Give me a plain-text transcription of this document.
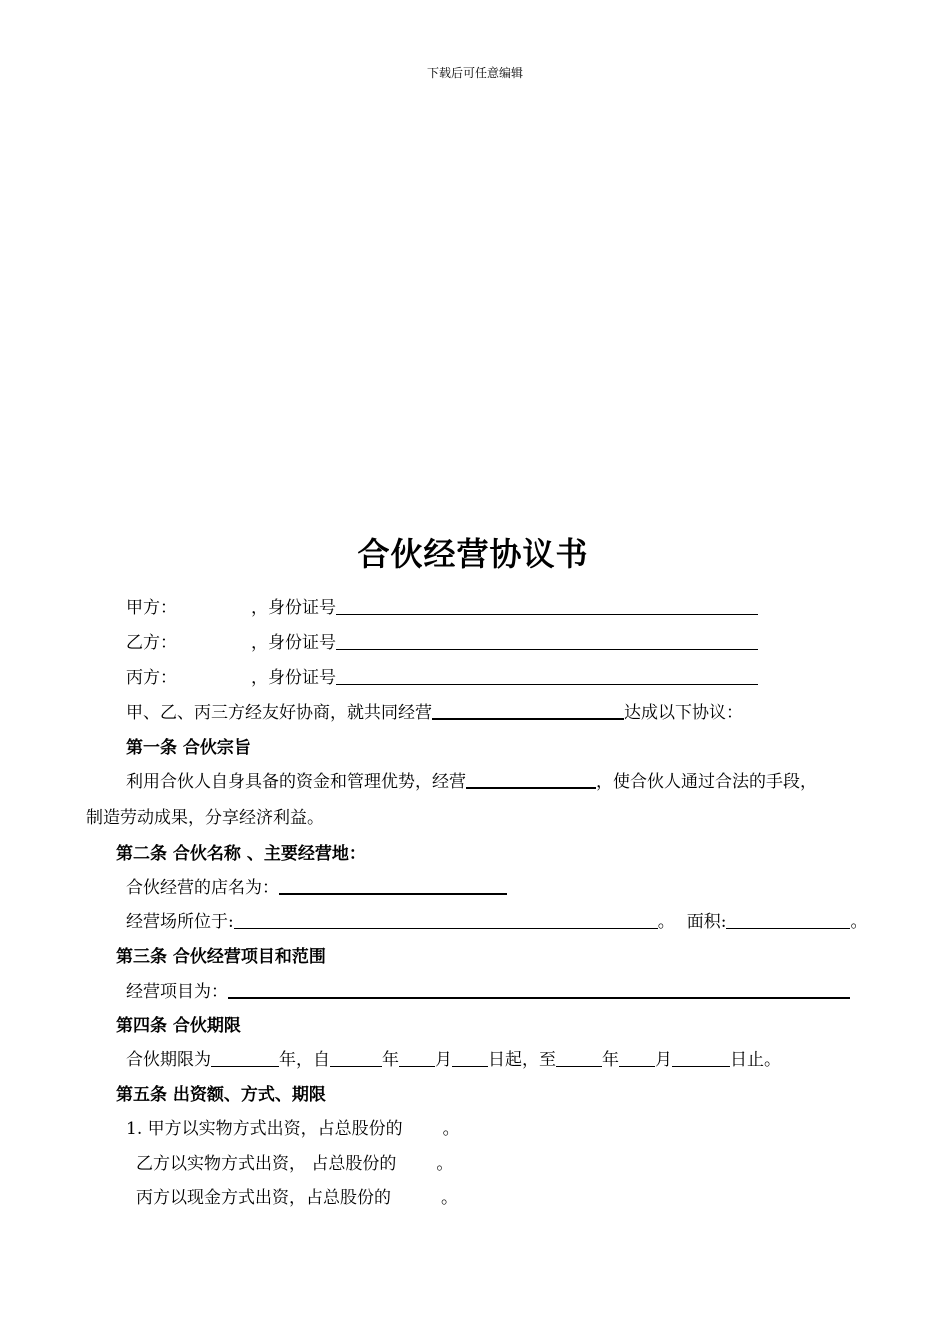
下载后可任意编辑
合伙经营协议书
甲方：	，身份证号
乙方：	，身份证号
丙方：	，身份证号
甲、乙、丙三方经友好协商，就共同经营	达成以下协议：
第一条 合伙宗旨
利用合伙人自身具备的资金和管理优势，经营	，使合伙人通过合法的手段，
制造劳动成果，分享经济利益。
第二条 合伙名称 、主要经营地：
合伙经营的店名为：
经营场所位于:	。 面积:	。
第三条 合伙经营项目和范围
经营项目为：
第四条 合伙期限
合伙期限为	年，自	年 月 日起，至	年 月	日止。
第五条 出资额、方式、期限
1. 甲方以实物方式出资，占总股份的 。
乙方以实物方式出资， 占总股份的 。
丙方以现金方式出资，占总股份的	。
